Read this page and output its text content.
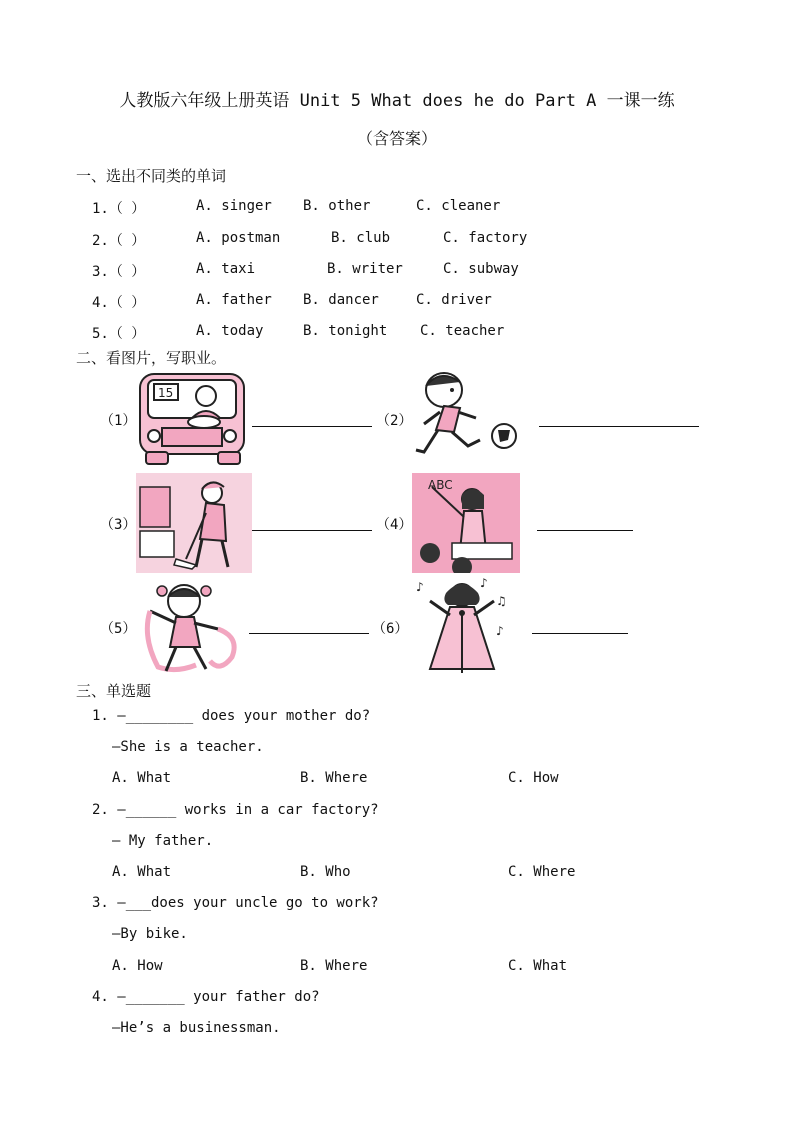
人教版六年级上册英语 Unit 5 What does he do Part A 一课一练
（含答案）
一、选出不同类的单词
1.（ ）	A. singer B. other	C. cleaner
2.（ ）	A. postman	B. club	C. factory
3.（ ）	A. taxi	B. writer	C. subway
4.（ ）	A. father B. dancer	C. driver
5.（ ）	A. today	B. tonight C. teacher
二、看图片，写职业。
（1）
15
（2）
（3）	（4）
ABC
（5）	（6）
♪
♫
♪
♪
三、单选题
1. —________ does your mother do?
—She is a teacher.
A. What	B. Where	C. How
2. —______ works in a car factory?
— My father.
A. What	B. Who	C. Where
3. —___does your uncle go to work?
—By bike.
A. How	B. Where	C. What
4. —_______ your father do?
—He’s a businessman.
